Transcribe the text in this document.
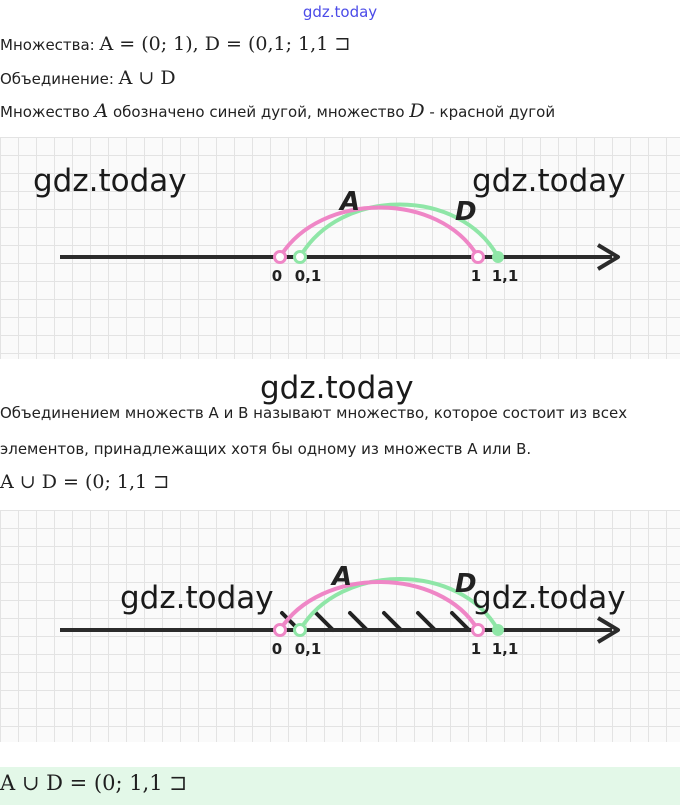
gdz.today
Множества: A = (0; 1), D = (0,1; 1,1 ⊐
Объединение: A ∪ D
Множество A обозначено синей дугой, множество D - красной дугой
A	D
0 0,1	1 1,1
gdz.today	gdz.today
gdz.today
Объединением множеств А и В называют множество, которое состоит из всех
элементов, принадлежащих хотя бы одному из множеств А или В.
A ∪ D = (0; 1,1 ⊐
A	D
0 0,1	1 1,1
gdz.today	gdz.today
A ∪ D = (0; 1,1 ⊐
